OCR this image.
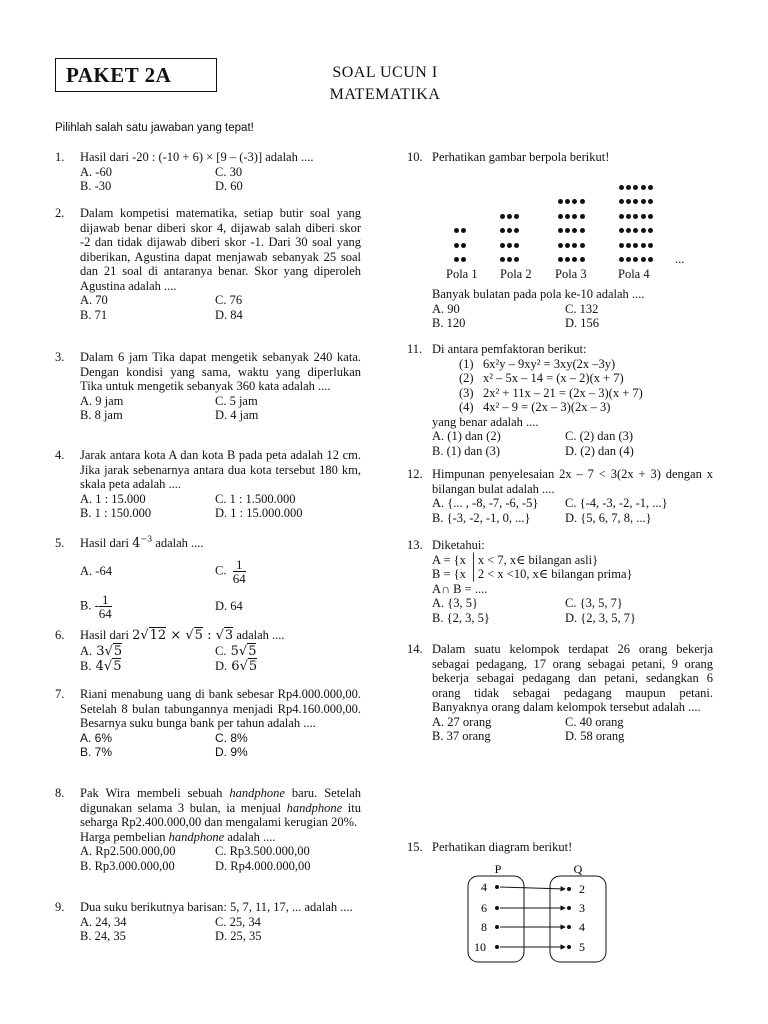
PAKET 2A	SOAL UCUN I
MATEMATIKA
Pilihlah salah satu jawaban yang tepat!
1. Hasil dari -20 : (-10 + 6) × [9 – (-3)] adalah ....
A. -60	C. 30
B. -30	D. 60
2. Dalam kompetisi matematika, setiap butir soal yang dijawab benar diberi skor 4, dijawab salah diberi skor -2 dan tidak dijawab diberi skor -1. Dari 30 soal yang diberikan, Agustina dapat menjawab sebanyak 25 soal dan 21 soal di antaranya benar. Skor yang diperoleh Agustina adalah ....
A. 70	C. 76
B. 71	D. 84
3. Dalam 6 jam Tika dapat mengetik sebanyak 240 kata. Dengan kondisi yang sama, waktu yang diperlukan Tika untuk mengetik sebanyak 360 kata adalah ....
A. 9 jam	C. 5 jam
B. 8 jam	D. 4 jam
4. Jarak antara kota A dan kota B pada peta adalah 12 cm. Jika jarak sebenarnya antara dua kota tersebut 180 km, skala peta adalah ....
A. 1 : 15.000	C. 1 : 1.500.000
B. 1 : 150.000	D. 1 : 15.000.000
5. Hasil dari $4^{-3}$ adalah ....
A. -64	C. $\frac{1}{64}$
B. - $\frac{1}{64}$	D. 64
6. Hasil dari 2√12 × √5 : √3 adalah ....
A. 3√5	C. 5√5
B. 4√5	D. 6√5
7. Riani menabung uang di bank sebesar Rp4.000.000,00. Setelah 8 bulan tabungannya menjadi Rp4.160.000,00. Besarnya suku bunga bank per tahun adalah ....
A. 6%	C. 8%
B. 7%	D. 9%
8. Pak Wira membeli sebuah handphone baru. Setelah digunakan selama 3 bulan, ia menjual handphone itu seharga Rp2.400.000,00 dan mengalami kerugian 20%.
Harga pembelian handphone adalah ....
A. Rp2.500.000,00	C. Rp3.500.000,00
B. Rp3.000.000,00	D. Rp4.000.000,00
9. Dua suku berikutnya barisan: 5, 7, 11, 17, ... adalah ....
A. 24, 34	C. 25, 34
B. 24, 35	D. 25, 35
10. Perhatikan gambar berpola berikut!
Pola 1 Pola 2 Pola 3	Pola 4
...
Banyak bulatan pada pola ke-10 adalah ....
A. 90	C. 132
B. 120	D. 156
11. Di antara pemfaktoran berikut:
(1)   6x²y – 9xy² = 3xy(2x –3y)
(2)   x² – 5x – 14 = (x – 2)(x + 7)
(3)   2x² + 11x – 21 = (2x – 3)(x + 7)
(4)   4x² – 9 = (2x – 3)(2x – 3)
yang benar adalah ....
A. (1) dan (2)	C. (2) dan (3)
B. (1) dan (3)	D. (2) dan (4)
12. Himpunan penyelesaian 2x – 7 < 3(2x + 3) dengan x bilangan bulat adalah ....
A. {... , -8, -7, -6, -5}	C. {-4, -3, -2, -1, ...}
B. {-3, -2, -1, 0, ...}	D. {5, 6, 7, 8, ...}
13. Diketahui:
A = {x │x < 7, x∈ bilangan asli}
B = {x │2 < x <10, x∈ bilangan prima}
A∩ B = ....
A. {3, 5}	C. {3, 5, 7}
B. {2, 3, 5}	D. {2, 3, 5, 7}
14. Dalam suatu kelompok terdapat 26 orang bekerja sebagai pedagang, 17 orang sebagai petani, 9 orang bekerja sebagai pedagang dan petani, sedangkan 6 orang tidak sebagai pedagang maupun petani. Banyaknya orang dalam kelompok tersebut adalah ....
A. 27 orang	C. 40 orang
B. 37 orang	D. 58 orang
15. Perhatikan diagram berikut!
P	Q
4
6
8
10
2
3
4
5
